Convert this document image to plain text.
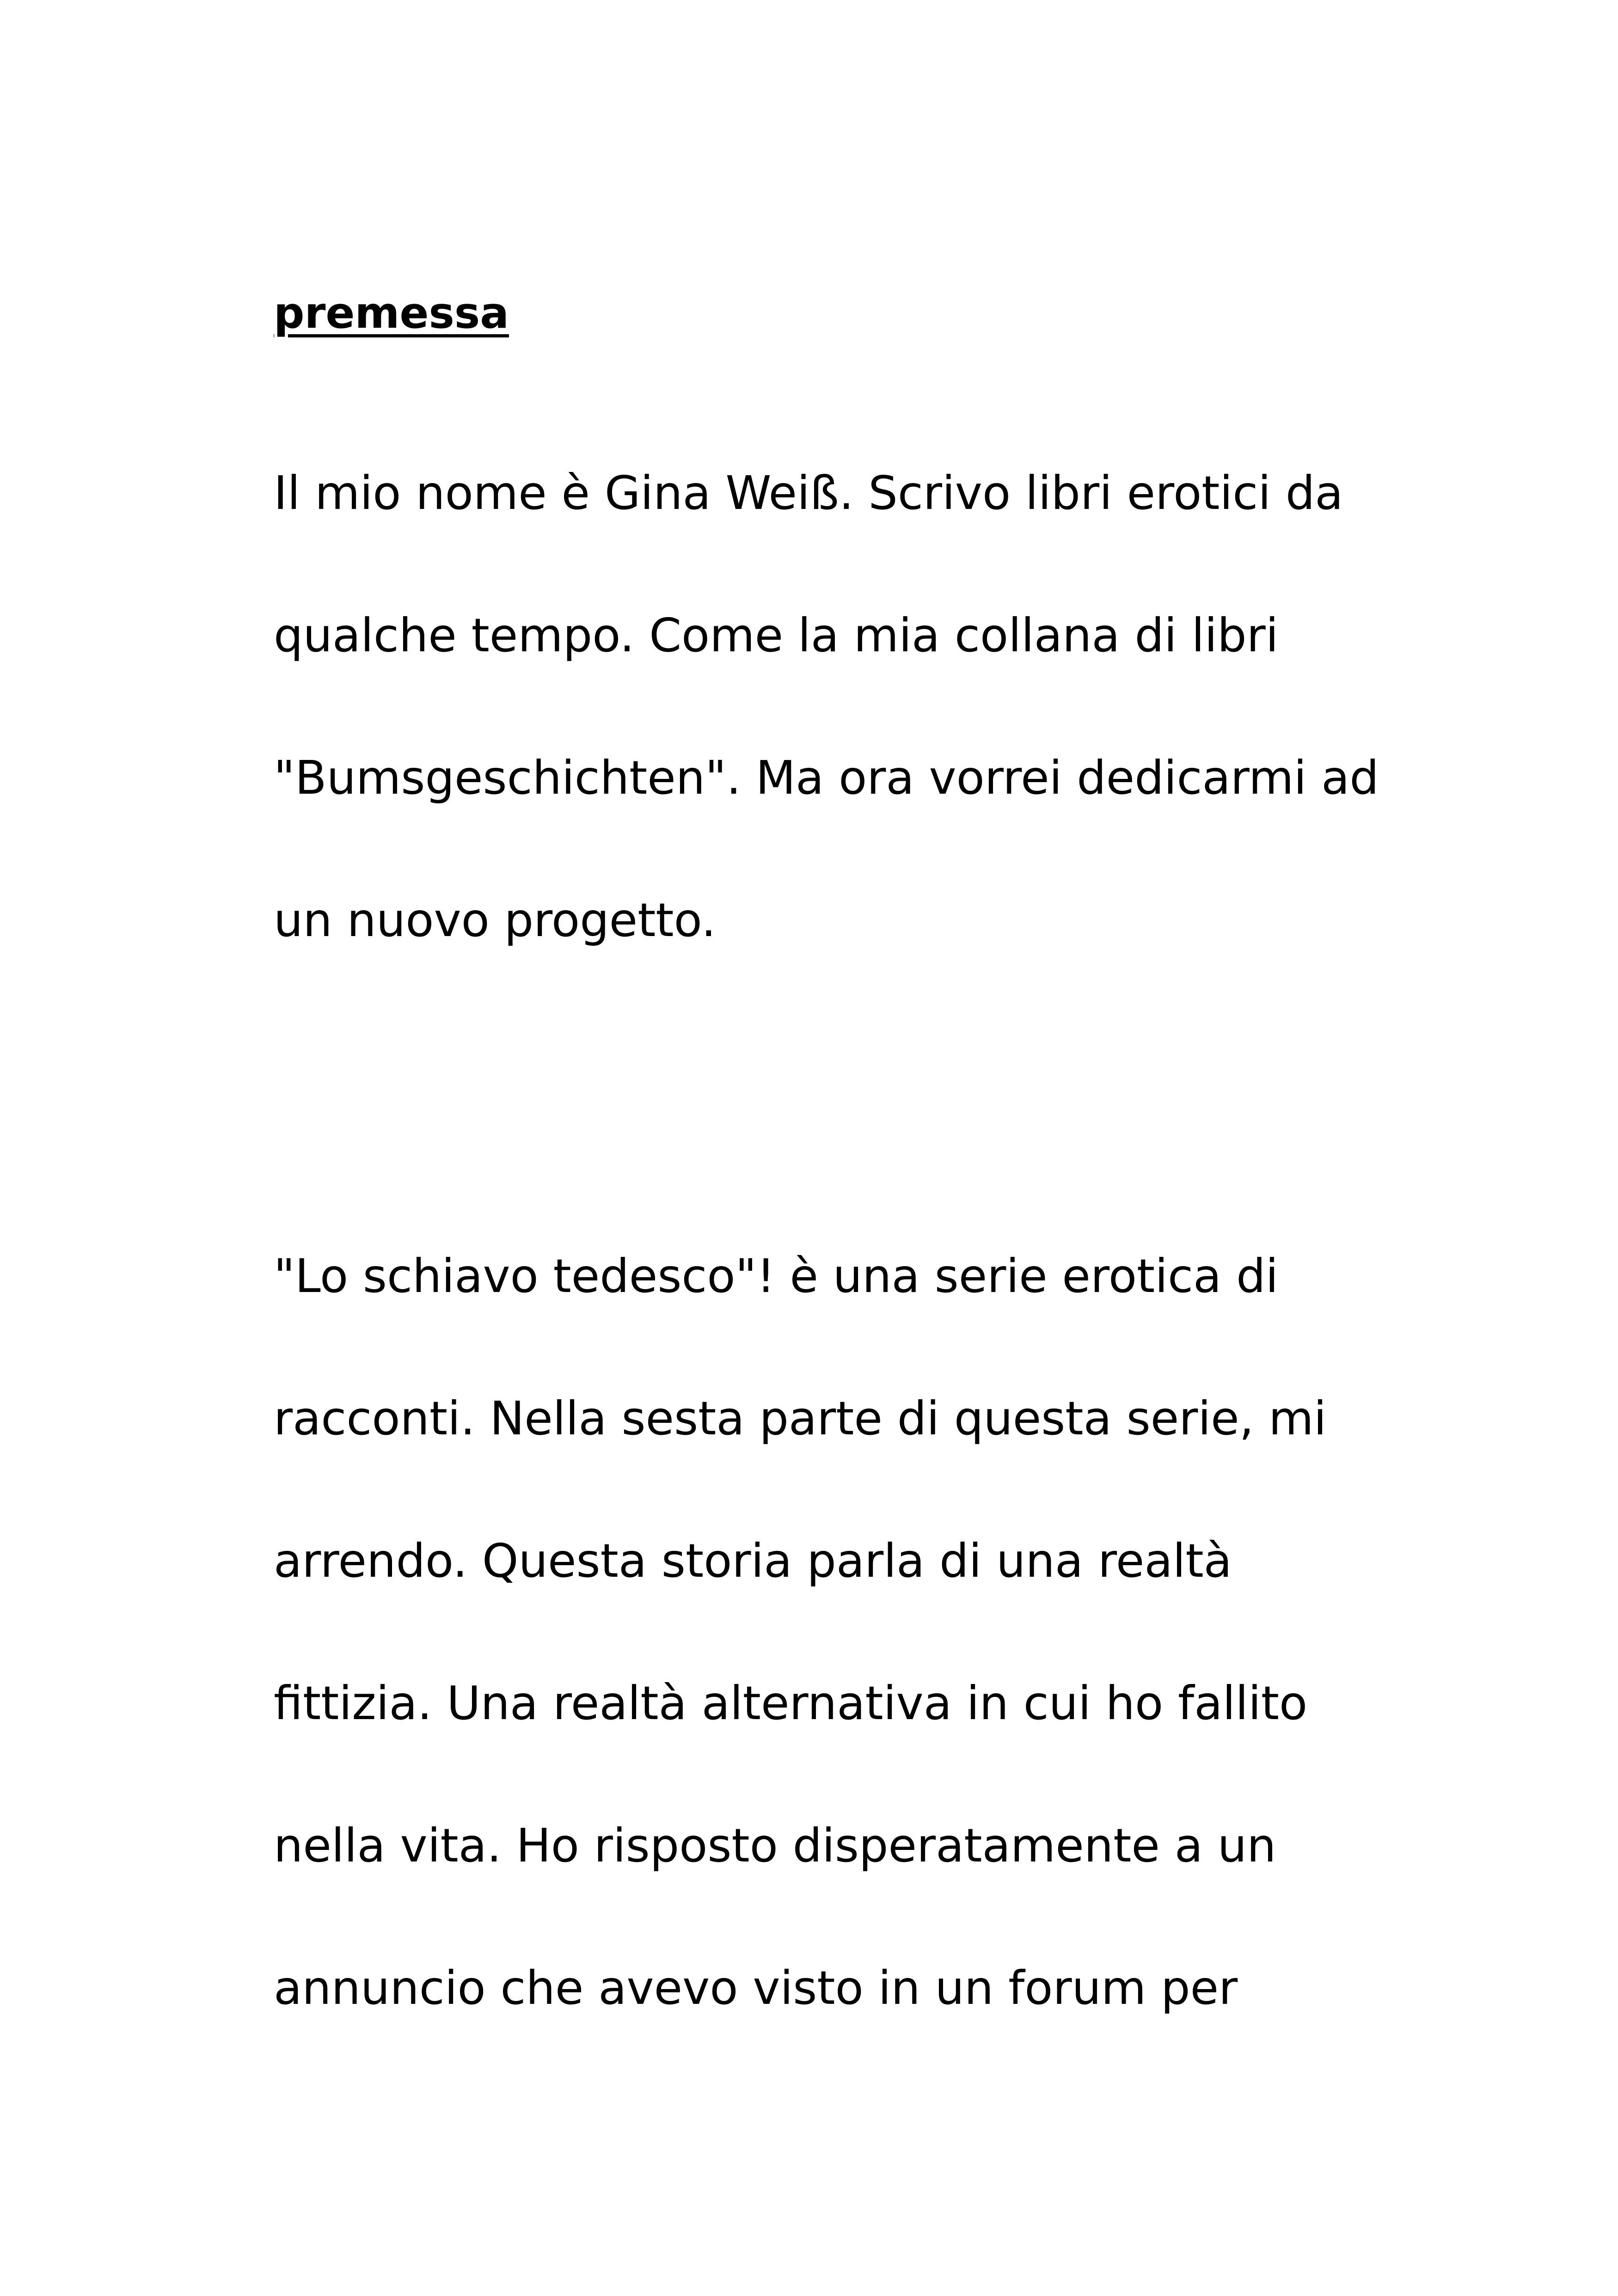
premessa

Il mio nome è Gina Weiß. Scrivo libri erotici da

qualche tempo. Come la mia collana di libri

"Bumsgeschichten". Ma ora vorrei dedicarmi ad

un nuovo progetto.

"Lo schiavo tedesco"! è una serie erotica di

racconti. Nella sesta parte di questa serie, mi

arrendo. Questa storia parla di una realtà

fittizia. Una realtà alternativa in cui ho fallito

nella vita. Ho risposto disperatamente a un

annuncio che avevo visto in un forum per
